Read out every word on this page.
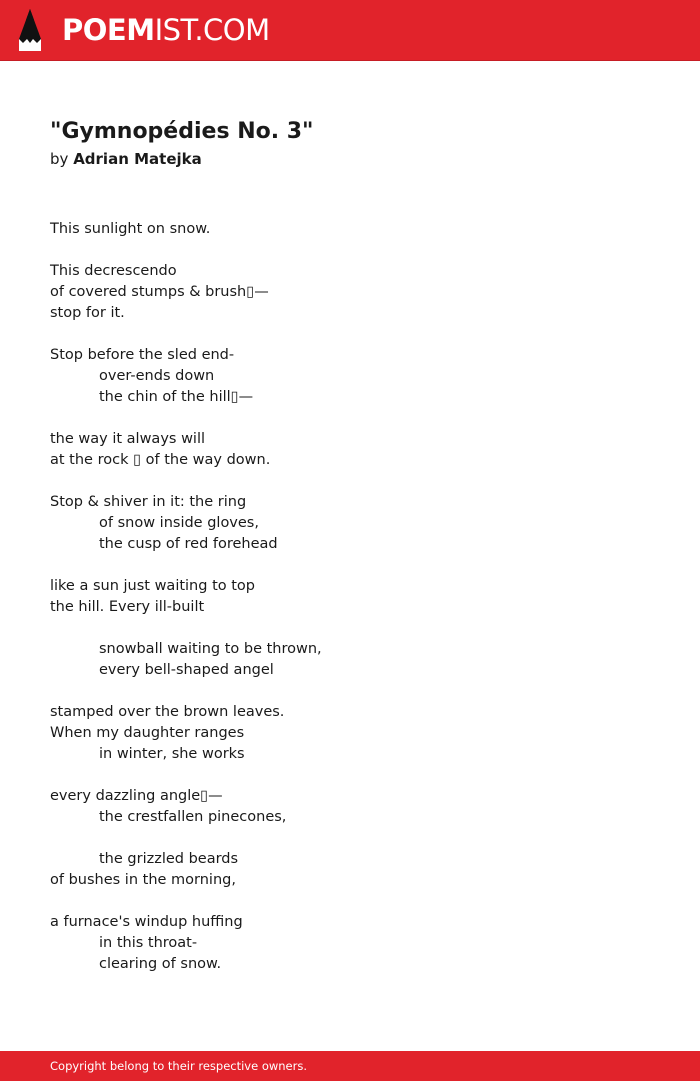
POEMIST.COM
"Gymnopédies No. 3"
by Adrian Matejka
This sunlight on snow.
This decrescendo
of covered stumps & brush▯—
stop for it.
Stop before the sled end-
over-ends down
the chin of the hill▯—
the way it always will
at the rock ▯ of the way down.
Stop & shiver in it: the ring
of snow inside gloves,
the cusp of red forehead
like a sun just waiting to top
the hill. Every ill-built
snowball waiting to be thrown,
every bell-shaped angel
stamped over the brown leaves.
When my daughter ranges
in winter, she works
every dazzling angle▯—
the crestfallen pinecones,
the grizzled beards
of bushes in the morning,
a furnace's windup huffing
in this throat-
clearing of snow.
Copyright belong to their respective owners.
